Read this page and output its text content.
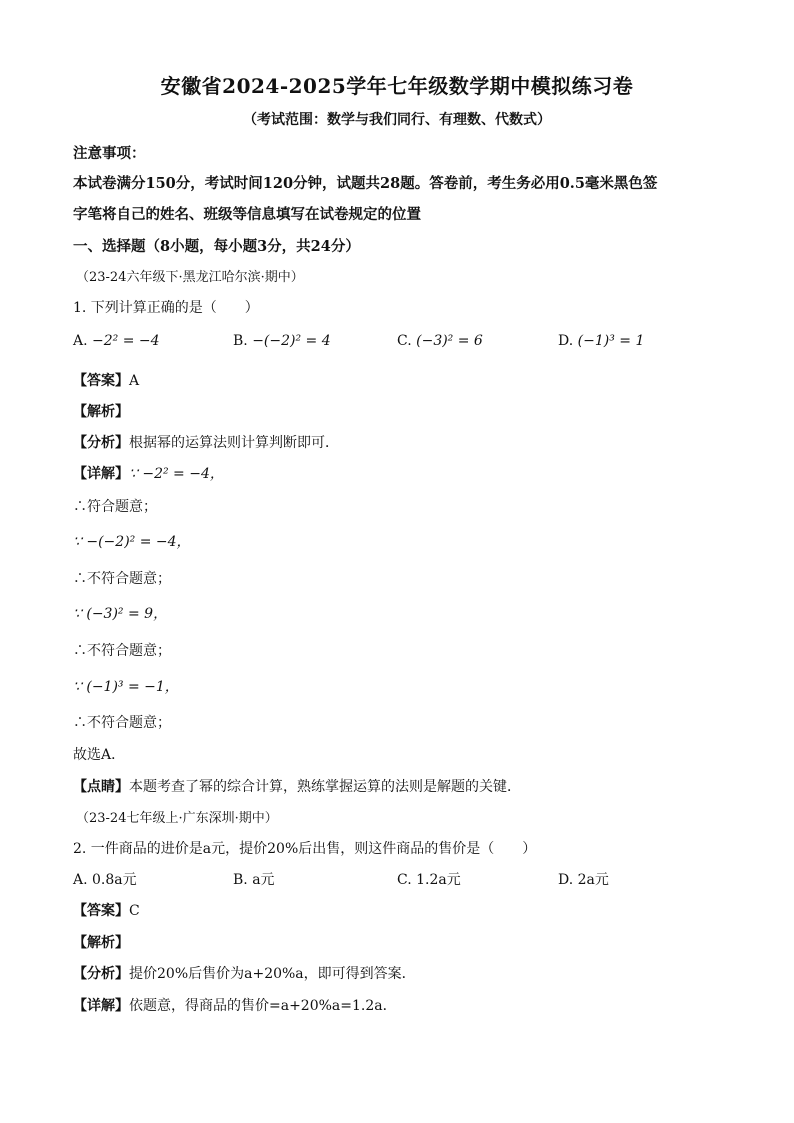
安徽省2024-2025学年七年级数学期中模拟练习卷
（考试范围：数学与我们同行、有理数、代数式）
注意事项：
本试卷满分150分，考试时间120分钟，试题共28题。答卷前，考生务必用0.5毫米黑色签
字笔将自己的姓名、班级等信息填写在试卷规定的位置
一、选择题（8小题，每小题3分，共24分）
（23-24六年级下·黑龙江哈尔滨·期中）
1. 下列计算正确的是（　　）
A. −2² = −4	B. −(−2)² = 4	C. (−3)² = 6	D. (−1)³ = 1
【答案】A
【解析】
【分析】根据幂的运算法则计算判断即可．
【详解】∵ −2² = −4，
∴符合题意；
∵ −(−2)² = −4，
∴不符合题意；
∵ (−3)² = 9，
∴不符合题意；
∵ (−1)³ = −1，
∴不符合题意；
故选A．
【点睛】本题考查了幂的综合计算，熟练掌握运算的法则是解题的关键．
（23-24七年级上·广东深圳·期中）
2. 一件商品的进价是a元，提价20%后出售，则这件商品的售价是（　　）
A. 0.8a元	B. a元	C. 1.2a元	D. 2a元
【答案】C
【解析】
【分析】提价20%后售价为a+20%a，即可得到答案．
【详解】依题意，得商品的售价=a+20%a=1.2a．
